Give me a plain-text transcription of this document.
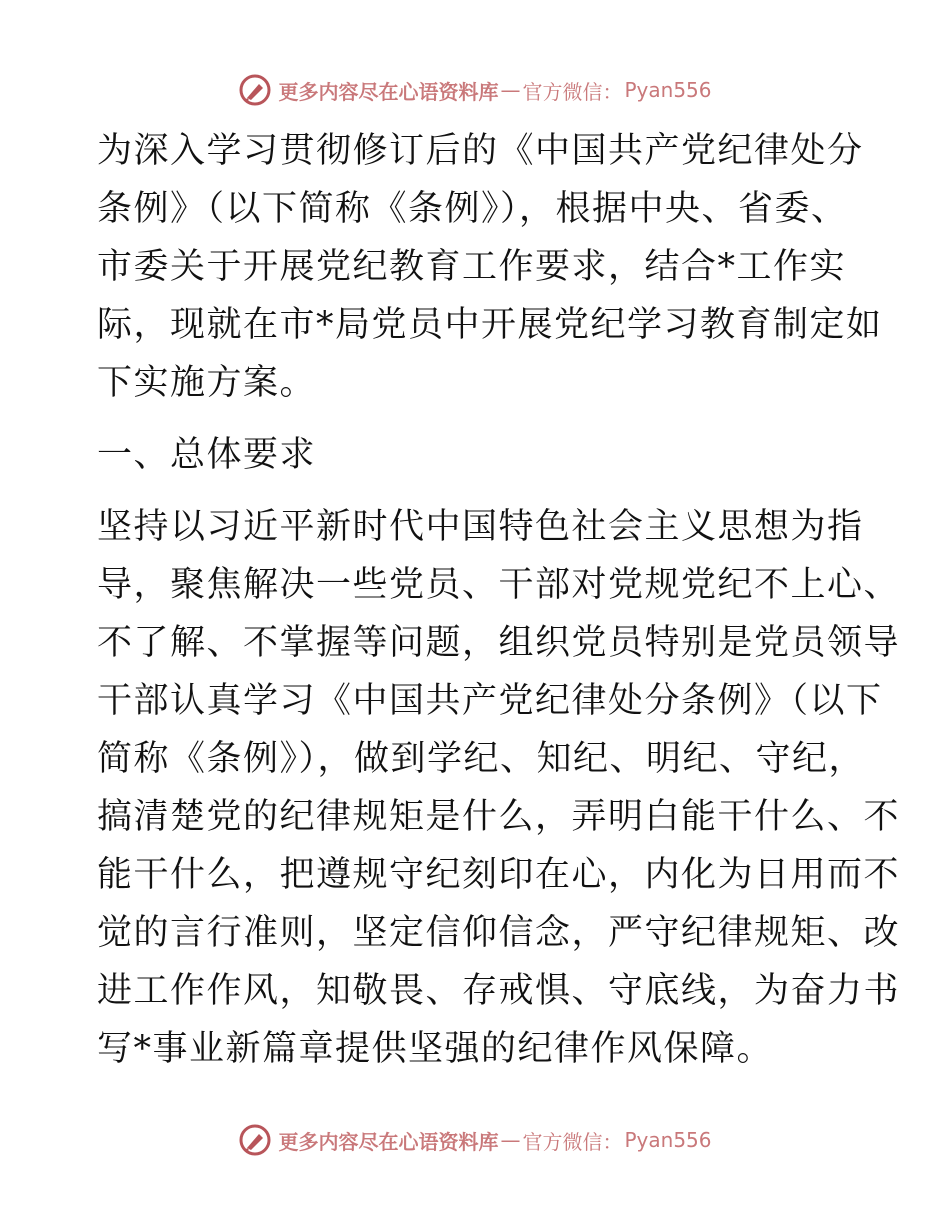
更多内容尽在心语资料库 — 官方微信： Pyan556
为深入学习贯彻修订后的《中国共产党纪律处分
条例》（以下简称《条例》），根据中央、省委、
市委关于开展党纪教育工作要求，结合*工作实
际，现就在市*局党员中开展党纪学习教育制定如
下实施方案。
一、总体要求
坚持以习近平新时代中国特色社会主义思想为指
导，聚焦解决一些党员、干部对党规党纪不上心、
不了解、不掌握等问题，组织党员特别是党员领导
干部认真学习《中国共产党纪律处分条例》（以下
简称《条例》），做到学纪、知纪、明纪、守纪，
搞清楚党的纪律规矩是什么，弄明白能干什么、不
能干什么，把遵规守纪刻印在心，内化为日用而不
觉的言行准则，坚定信仰信念，严守纪律规矩、改
进工作作风，知敬畏、存戒惧、守底线，为奋力书
写*事业新篇章提供坚强的纪律作风保障。
更多内容尽在心语资料库 — 官方微信： Pyan556
